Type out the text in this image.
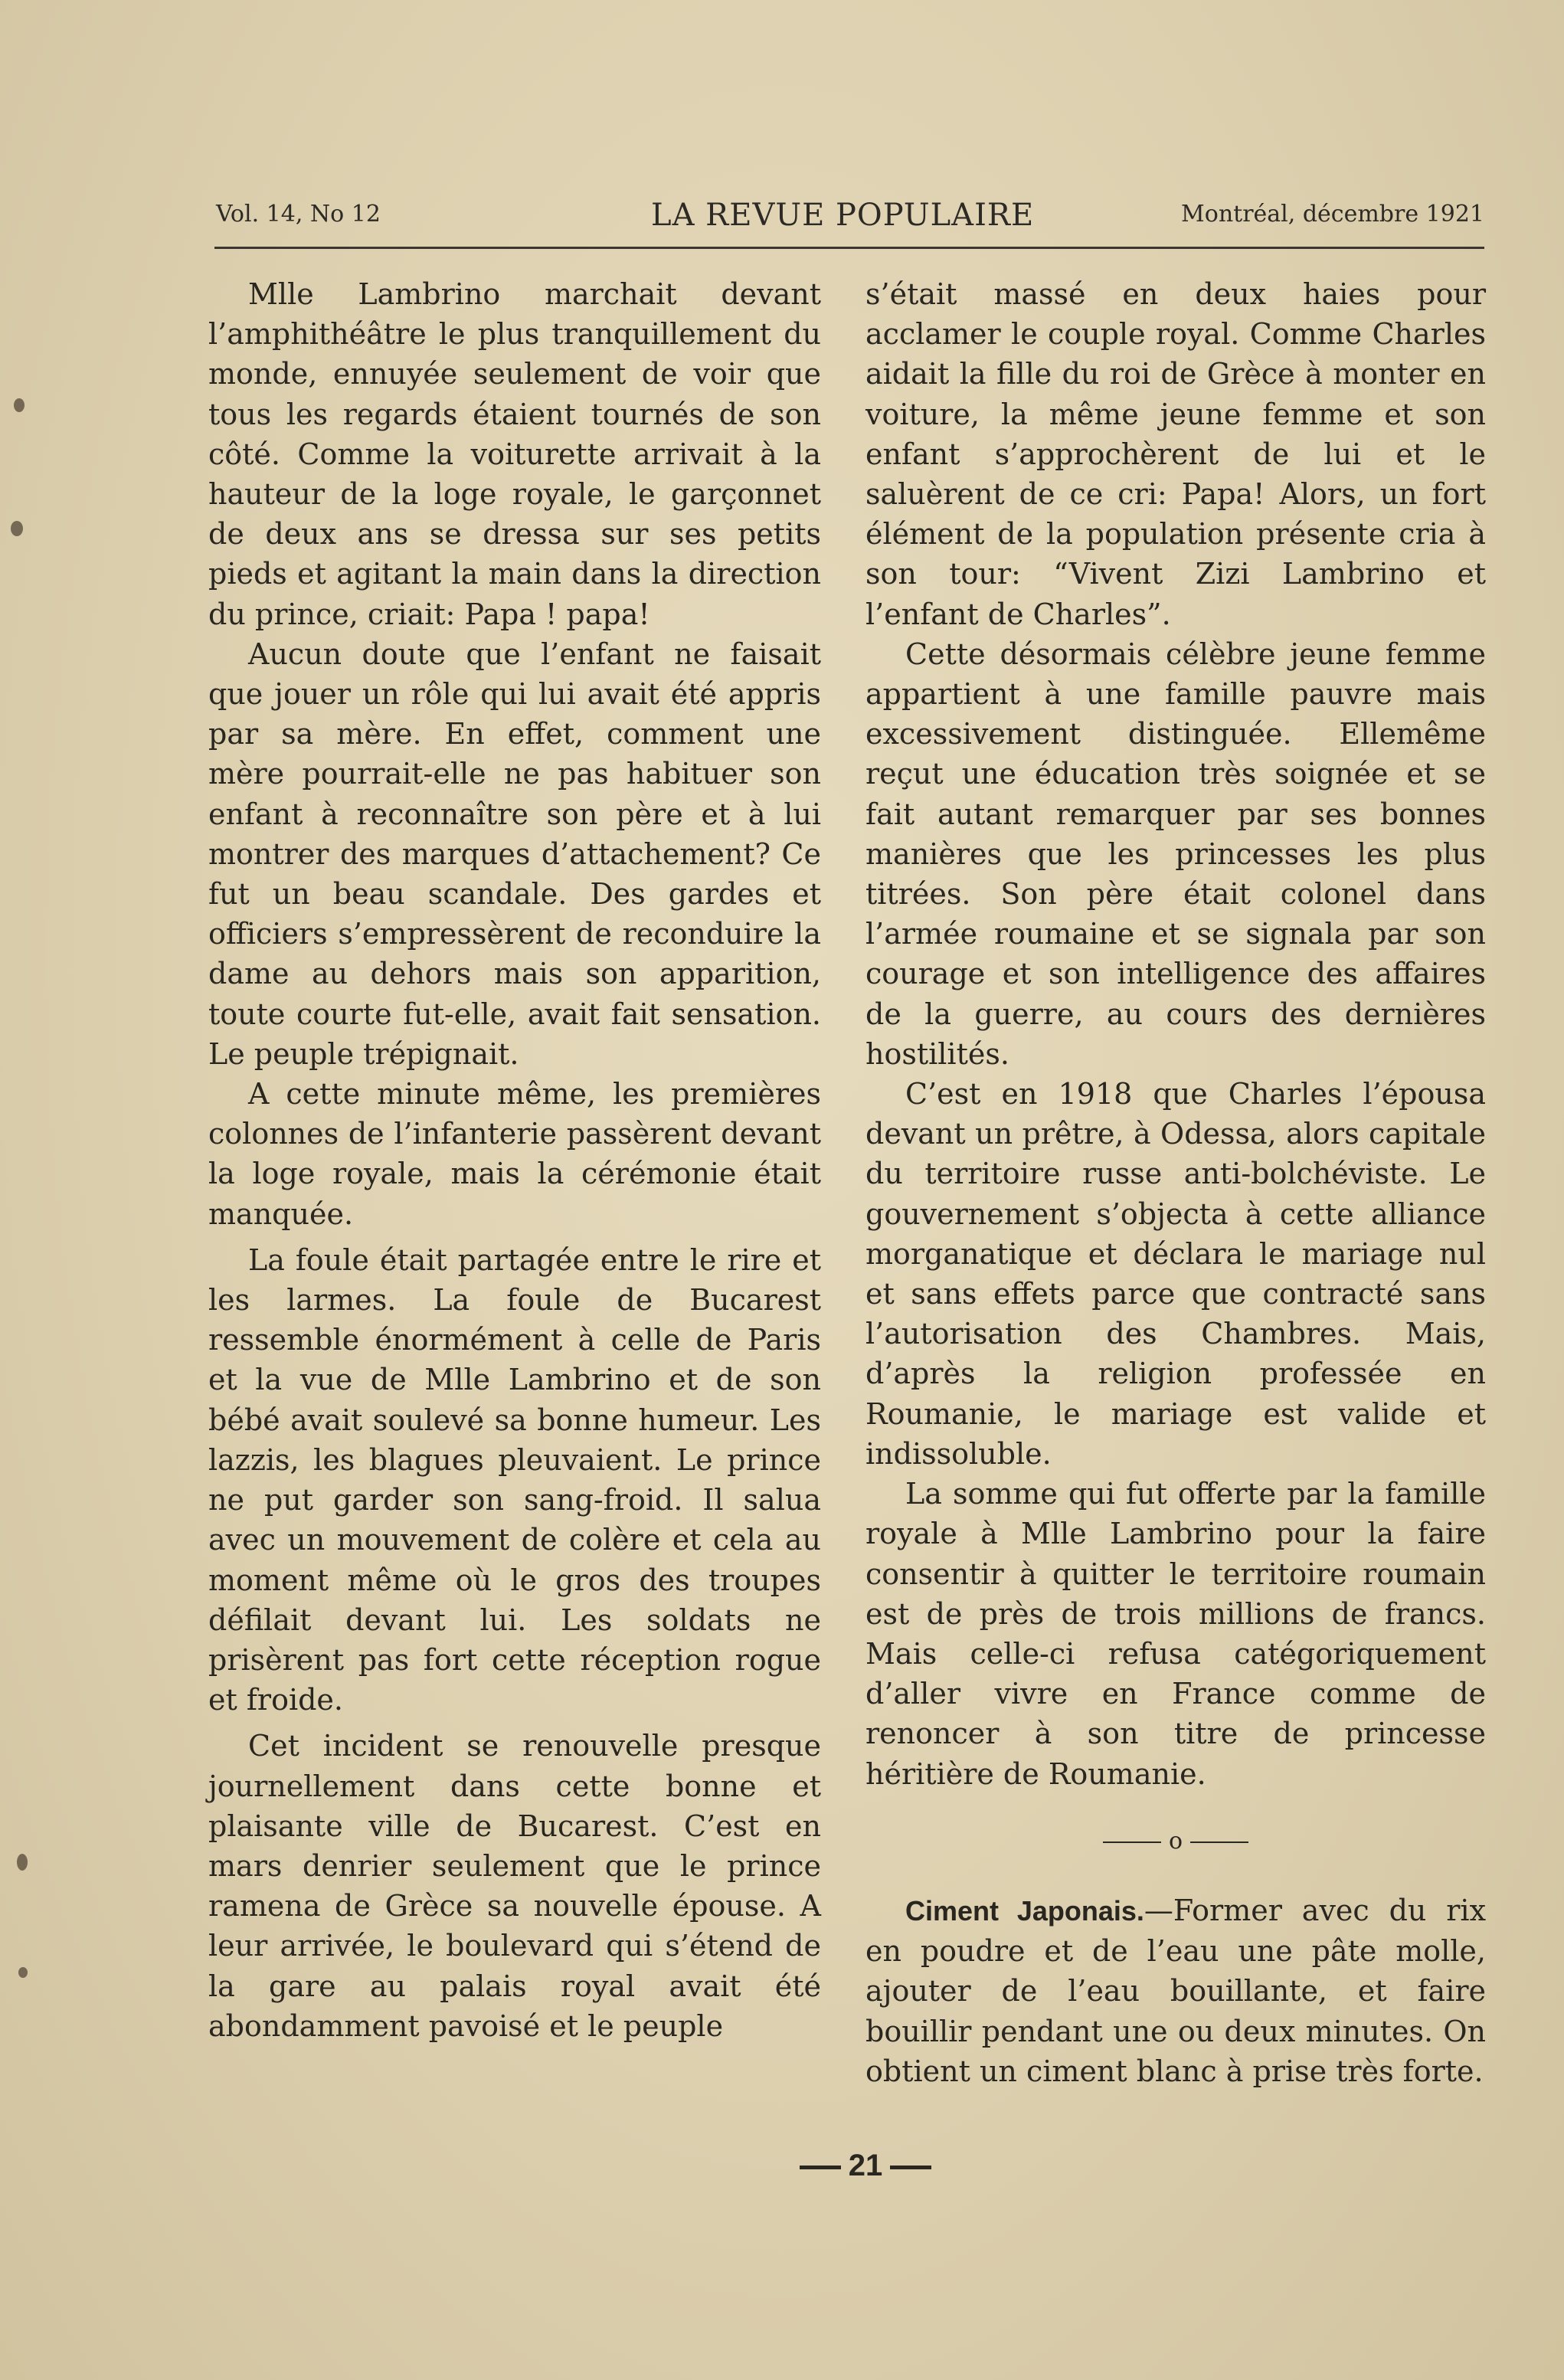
Vol. 14, No 12	LA REVUE POPULAIRE	Montréal, décembre 1921

Mlle Lambrino marchait devant l’amphithéâtre le plus tranquillement du monde, ennuyée seulement de voir que tous les regards étaient tournés de son côté. Comme la voiturette arrivait à la hauteur de la loge royale, le garçonnet de deux ans se dressa sur ses petits pieds et agitant la main dans la direction du prince, criait: Papa ! papa!

Aucun doute que l’enfant ne faisait que jouer un rôle qui lui avait été appris par sa mère. En effet, comment une mère pourrait-elle ne pas habituer son enfant à reconnaître son père et à lui montrer des marques d’attachement? Ce fut un beau scandale. Des gardes et officiers s’empressèrent de reconduire la dame au dehors mais son apparition, toute courte fut-elle, avait fait sensation. Le peuple trépignait.

A cette minute même, les premières colonnes de l’infanterie passèrent devant la loge royale, mais la cérémonie était manquée.

La foule était partagée entre le rire et les larmes. La foule de Bucarest ressemble énormément à celle de Paris et la vue de Mlle Lambrino et de son bébé avait soulevé sa bonne humeur. Les lazzis, les blagues pleuvaient. Le prince ne put garder son sang-froid. Il salua avec un mouvement de colère et cela au moment même où le gros des troupes défilait devant lui. Les soldats ne prisèrent pas fort cette réception rogue et froide.

Cet incident se renouvelle presque journellement dans cette bonne et plaisante ville de Bucarest. C’est en mars denrier seulement que le prince ramena de Grèce sa nouvelle épouse. A leur arrivée, le boulevard qui s’étend de la gare au palais royal avait été abondamment pavoisé et le peuple

s’était massé en deux haies pour acclamer le couple royal. Comme Charles aidait la fille du roi de Grèce à monter en voiture, la même jeune femme et son enfant s’approchèrent de lui et le saluèrent de ce cri: Papa! Alors, un fort élément de la population présente cria à son tour: “Vivent Zizi Lambrino et l’enfant de Charles”.

Cette désormais célèbre jeune femme appartient à une famille pauvre mais excessivement distinguée. Ellemême reçut une éducation très soignée et se fait autant remarquer par ses bonnes manières que les princesses les plus titrées. Son père était colonel dans l’armée roumaine et se signala par son courage et son intelligence des affaires de la guerre, au cours des dernières hostilités.

C’est en 1918 que Charles l’épousa devant un prêtre, à Odessa, alors capitale du territoire russe anti-bolchéviste. Le gouvernement s’objecta à cette alliance morganatique et déclara le mariage nul et sans effets parce que contracté sans l’autorisation des Chambres. Mais, d’après la religion professée en Roumanie, le mariage est valide et indissoluble.

La somme qui fut offerte par la famille royale à Mlle Lambrino pour la faire consentir à quitter le territoire roumain est de près de trois millions de francs. Mais celle-ci refusa catégoriquement d’aller vivre en France comme de renoncer à son titre de princesse héritière de Roumanie.

o

Ciment Japonais.—Former avec du rix en poudre et de l’eau une pâte molle, ajouter de l’eau bouillante, et faire bouillir pendant une ou deux minutes. On obtient un ciment blanc à prise très forte.

21
